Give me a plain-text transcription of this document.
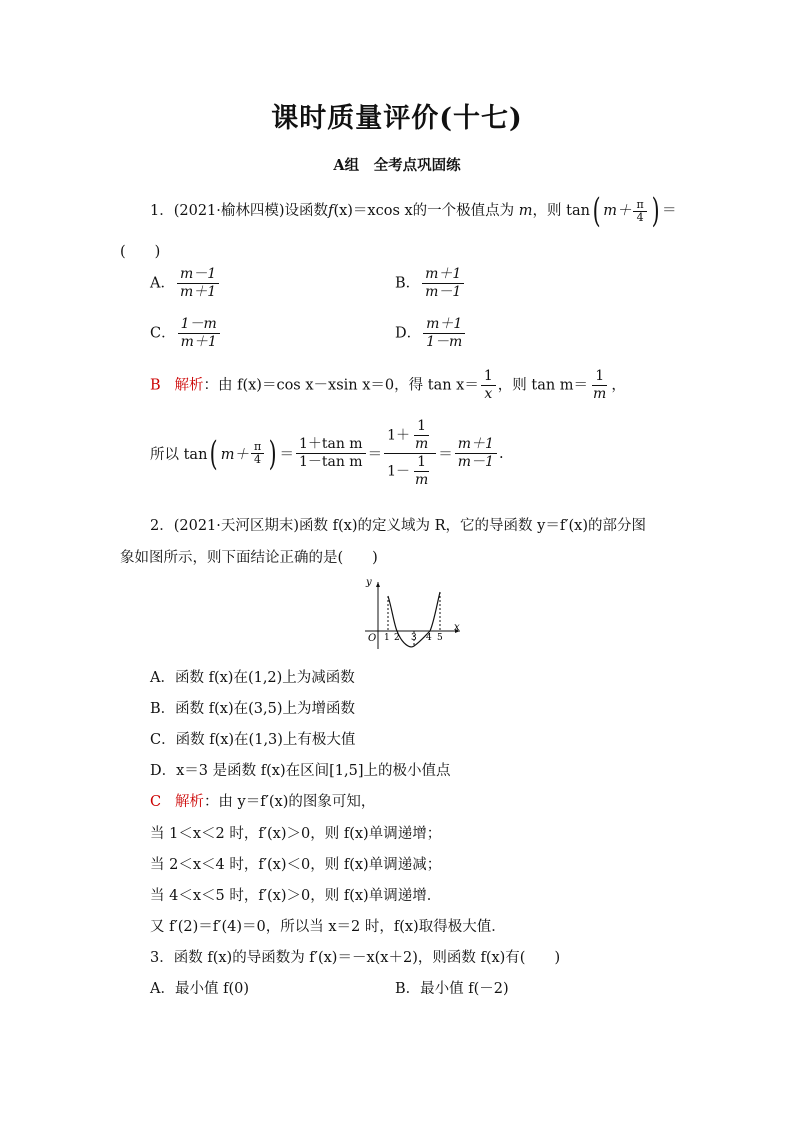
课时质量评价(十七)
A组　全考点巩固练
1．(2021·榆林四模)设函数f(x)＝xcos x的一个极值点为 m，则 tan( $m+ \frac{\pi}{4}$ ) ＝
(　　)
A． $\frac{m-1}{m+1}$	B． $\frac{m+1}{m-1}$
C． $\frac{1-m}{m+1}$	D． $\frac{m+1}{1-m}$
B 解析：由 f(x)＝cos x－xsin x＝0，得 $\tan x= \frac{1}{x}$ ，则 $\tan m= \frac{1}{m}$ ，
所以 tan ( $m+ \frac{\pi}{4}$ ) ＝ $\frac{\text{1＋tan m}}{\text{1－tan m}} = \frac{1+ \frac{1}{m}}{1- \frac{1}{m}} = \frac{m+1}{m-1}$ .
2．(2021·天河区期末)函数 f(x)的定义域为 R，它的导函数 y＝f′(x)的部分图
象如图所示，则下面结论正确的是(　　)
y
x
O 1 2 3 4 5
A．函数 f(x)在(1,2)上为减函数
B．函数 f(x)在(3,5)上为增函数
C．函数 f(x)在(1,3)上有极大值
D．x＝3 是函数 f(x)在区间[1,5]上的极小值点
C 解析：由 y＝f′(x)的图象可知，
当 1＜x＜2 时，f′(x)＞0，则 f(x)单调递增；
当 2＜x＜4 时，f′(x)＜0，则 f(x)单调递减；
当 4＜x＜5 时，f′(x)＞0，则 f(x)单调递增．
又 f′(2)＝f′(4)＝0，所以当 x＝2 时，f(x)取得极大值．
3．函数 f(x)的导函数为 f′(x)＝－x(x＋2)，则函数 f(x)有(　　)
A．最小值 f(0)	B．最小值 f(－2)
